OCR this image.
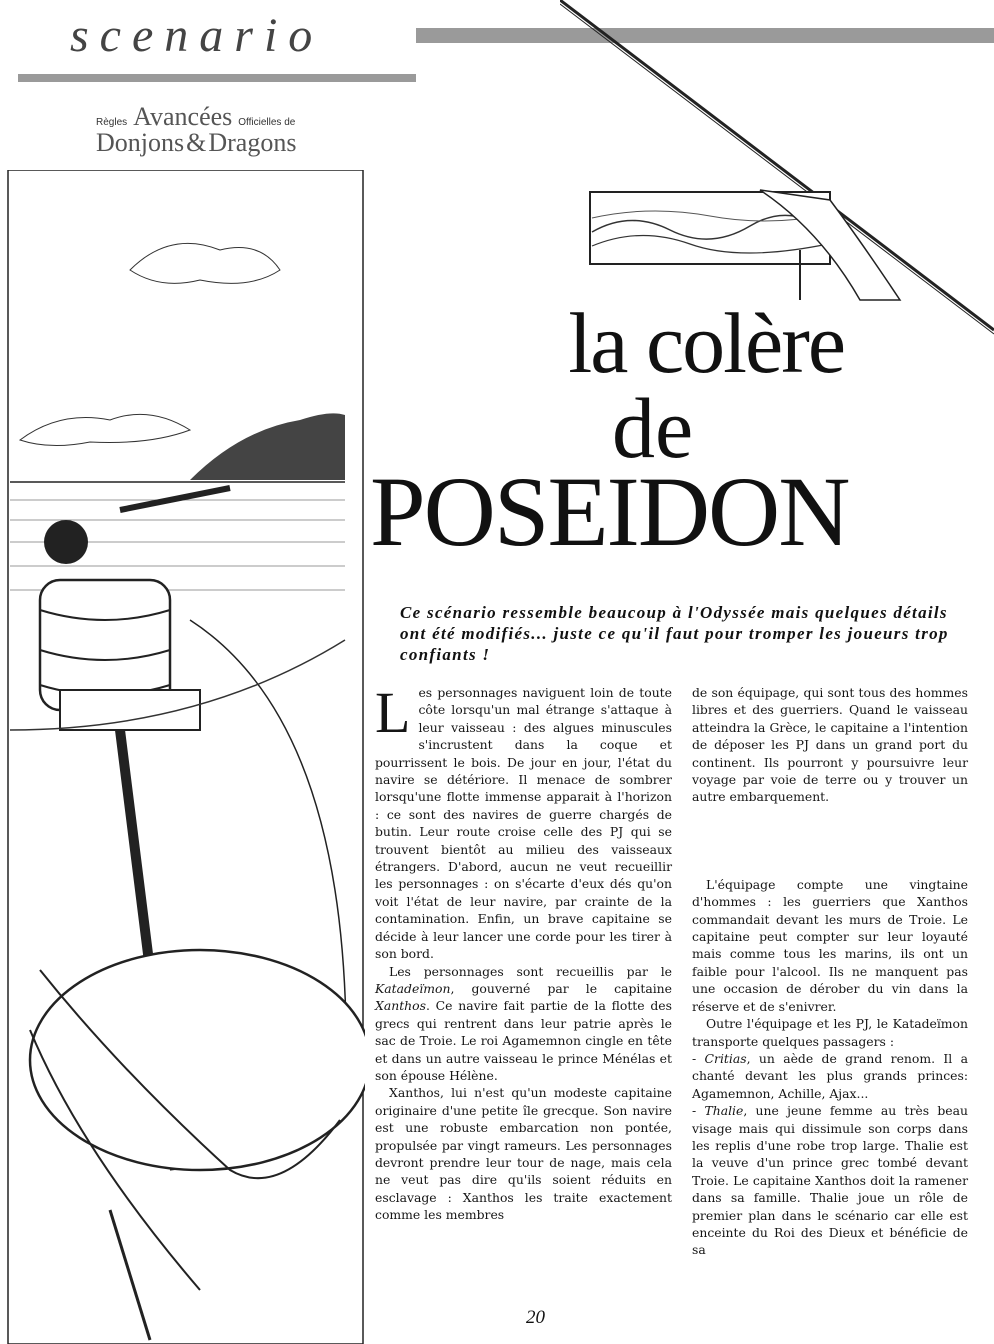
scenario
Règles Avancées Officielles de
Donjons & Dragons
la colère
de
POSEIDON
Ce scénario ressemble beaucoup à l'Odyssée mais quelques détails ont été modifiés... juste ce qu'il faut pour tromper les joueurs trop confiants !

Les personnages naviguent loin de toute côte lorsqu'un mal étrange s'attaque à leur vaisseau : des algues minuscules s'incrustent dans la coque et pourrissent le bois. De jour en jour, l'état du navire se détériore. Il menace de sombrer lorsqu'une flotte immense apparait à l'horizon : ce sont des navires de guerre chargés de butin. Leur route croise celle des PJ qui se trouvent bientôt au milieu des vaisseaux étrangers. D'abord, aucun ne veut recueillir les personnages : on s'écarte d'eux dés qu'on voit l'état de leur navire, par crainte de la contamination. Enfin, un brave capitaine se décide à leur lancer une corde pour les tirer à son bord.

Les personnages sont recueillis par le Katadeïmon, gouverné par le capitaine Xanthos. Ce navire fait partie de la flotte des grecs qui rentrent dans leur patrie après le sac de Troie. Le roi Agamemnon cingle en tête et dans un autre vaisseau le prince Ménélas et son épouse Hélène.

Xanthos, lui n'est qu'un modeste capitaine originaire d'une petite île grecque. Son navire est une robuste embarcation non pontée, propulsée par vingt rameurs. Les personnages devront prendre leur tour de nage, mais cela ne veut pas dire qu'ils soient réduits en esclavage : Xanthos les traite exactement comme les membres

de son équipage, qui sont tous des hommes libres et des guerriers. Quand le vaisseau atteindra la Grèce, le capitaine a l'intention de déposer les PJ dans un grand port du continent. Ils pourront y poursuivre leur voyage par voie de terre ou y trouver un autre embarquement.

L'équipage compte une vingtaine d'hommes : les guerriers que Xanthos commandait devant les murs de Troie. Le capitaine peut compter sur leur loyauté mais comme tous les marins, ils ont un faible pour l'alcool. Ils ne manquent pas une occasion de dérober du vin dans la réserve et de s'enivrer.

Outre l'équipage et les PJ, le Katadeïmon transporte quelques passagers :

- Critias, un aède de grand renom. Il a chanté devant les plus grands princes: Agamemnon, Achille, Ajax...

- Thalie, une jeune femme au très beau visage mais qui dissimule son corps dans les replis d'une robe trop large. Thalie est la veuve d'un prince grec tombé devant Troie. Le capitaine Xanthos doit la ramener dans sa famille. Thalie joue un rôle de premier plan dans le scénario car elle est enceinte du Roi des Dieux et bénéficie de sa

20
